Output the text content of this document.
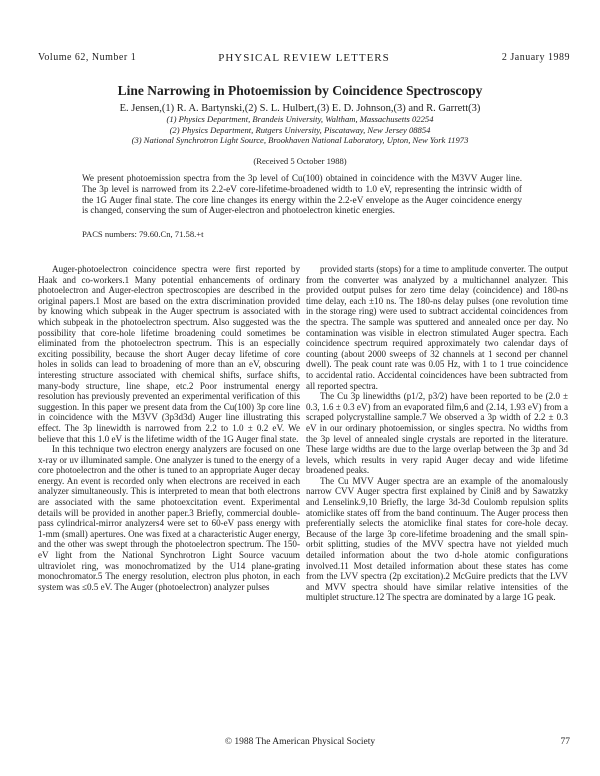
Volume 62, Number 1	PHYSICAL REVIEW LETTERS	2 January 1989
Line Narrowing in Photoemission by Coincidence Spectroscopy
E. Jensen,(1) R. A. Bartynski,(2) S. L. Hulbert,(3) E. D. Johnson,(3) and R. Garrett(3)
(1) Physics Department, Brandeis University, Waltham, Massachusetts 02254
(2) Physics Department, Rutgers University, Piscataway, New Jersey 08854
(3) National Synchrotron Light Source, Brookhaven National Laboratory, Upton, New York 11973
(Received 5 October 1988)
We present photoemission spectra from the 3p level of Cu(100) obtained in coincidence with the M3VV Auger line. The 3p level is narrowed from its 2.2-eV core-lifetime-broadened width to 1.0 eV, representing the intrinsic width of the 1G Auger final state. The core line changes its energy within the 2.2-eV envelope as the Auger coincidence energy is changed, conserving the sum of Auger-electron and photoelectron kinetic energies.
PACS numbers: 79.60.Cn, 71.58.+t

Auger-photoelectron coincidence spectra were first reported by Haak and co-workers.1 Many potential enhancements of ordinary photoelectron and Auger-electron spectroscopies are described in the original papers.1 Most are based on the extra discrimination provided by knowing which subpeak in the Auger spectrum is associated with which subpeak in the photoelectron spectrum. Also suggested was the possibility that core-hole lifetime broadening could sometimes be eliminated from the photoelectron spectrum. This is an especially exciting possibility, because the short Auger decay lifetime of core holes in solids can lead to broadening of more than an eV, obscuring interesting structure associated with chemical shifts, surface shifts, many-body structure, line shape, etc.2 Poor instrumental energy resolution has previously prevented an experimental verification of this suggestion. In this paper we present data from the Cu(100) 3p core line in coincidence with the M3VV (3p3d3d) Auger line illustrating this effect. The 3p linewidth is narrowed from 2.2 to 1.0 ± 0.2 eV. We believe that this 1.0 eV is the lifetime width of the 1G Auger final state.

In this technique two electron energy analyzers are focused on one x-ray or uv illuminated sample. One analyzer is tuned to the energy of a core photoelectron and the other is tuned to an appropriate Auger decay energy. An event is recorded only when electrons are received in each analyzer simultaneously. This is interpreted to mean that both electrons are associated with the same photoexcitation event. Experimental details will be provided in another paper.3 Briefly, commercial double-pass cylindrical-mirror analyzers4 were set to 60-eV pass energy with 1-mm (small) apertures. One was fixed at a characteristic Auger energy, and the other was swept through the photoelectron spectrum. The 150-eV light from the National Synchrotron Light Source vacuum ultraviolet ring, was monochromatized by the U14 plane-grating monochromator.5 The energy resolution, electron plus photon, in each system was ≤0.5 eV. The Auger (photoelectron) analyzer pulses

provided starts (stops) for a time to amplitude converter. The output from the converter was analyzed by a multichannel analyzer. This provided output pulses for zero time delay (coincidence) and 180-ns time delay, each ±10 ns. The 180-ns delay pulses (one revolution time in the storage ring) were used to subtract accidental coincidences from the spectra. The sample was sputtered and annealed once per day. No contamination was visible in electron stimulated Auger spectra. Each coincidence spectrum required approximately two calendar days of counting (about 2000 sweeps of 32 channels at 1 second per channel dwell). The peak count rate was 0.05 Hz, with 1 to 1 true coincidence to accidental ratio. Accidental coincidences have been subtracted from all reported spectra.

The Cu 3p linewidths (p1/2, p3/2) have been reported to be (2.0 ± 0.3, 1.6 ± 0.3 eV) from an evaporated film,6 and (2.14, 1.93 eV) from a scraped polycrystalline sample.7 We observed a 3p width of 2.2 ± 0.3 eV in our ordinary photoemission, or singles spectra. No widths from the 3p level of annealed single crystals are reported in the literature. These large widths are due to the large overlap between the 3p and 3d levels, which results in very rapid Auger decay and wide lifetime broadened peaks.

The Cu MVV Auger spectra are an example of the anomalously narrow CVV Auger spectra first explained by Cini8 and by Sawatzky and Lenselink.9,10 Briefly, the large 3d-3d Coulomb repulsion splits atomiclike states off from the band continuum. The Auger process then preferentially selects the atomiclike final states for core-hole decay. Because of the large 3p core-lifetime broadening and the small spin-orbit splitting, studies of the MVV spectra have not yielded much detailed information about the two d-hole atomic configurations involved.11 Most detailed information about these states has come from the LVV spectra (2p excitation).2 McGuire predicts that the LVV and MVV spectra should have similar relative intensities of the multiplet structure.12 The spectra are dominated by a large 1G peak.

© 1988 The American Physical Society	77
